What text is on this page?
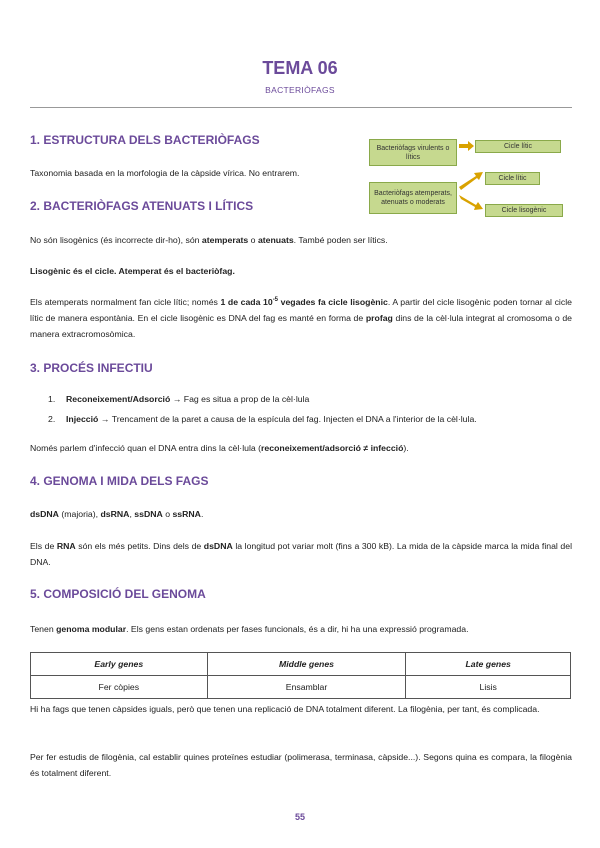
TEMA 06
BACTERIÒFAGS
1. ESTRUCTURA DELS BACTERIÒFAGS

Taxonomia basada en la morfologia de la càpside vírica. No entrarem.

Bacteriòfags virulents o lítics
Cicle lític
Bacteriòfags atemperats, atenuats o moderats
Cicle lític
Cicle lisogènic
2. BACTERIÒFAGS ATENUATS I LÍTICS

No són lisogènics (és incorrecte dir-ho), són atemperats o atenuats. També poden ser lítics.

Lisogènic és el cicle. Atemperat és el bacteriòfag.

Els atemperats normalment fan cicle lític; només 1 de cada $10^{-5}$ vegades fa cicle lisogènic. A partir del cicle lisogènic poden tornar al cicle lític de manera espontània. En el cicle lisogènic es DNA del fag es manté en forma de profag dins de la cèl·lula integrat al cromosoma o de manera extracromosòmica.

3. PROCÉS INFECTIU
1. Reconeixement/Adsorció → Fag es situa a prop de la cèl·lula
2. Injecció → Trencament de la paret a causa de la espícula del fag. Injecten el DNA a l'interior de la cèl·lula.

Només parlem d'infecció quan el DNA entra dins la cèl·lula (reconeixement/adsorció ≠ infecció).

4. GENOMA I MIDA DELS FAGS

dsDNA (majoria), dsRNA, ssDNA o ssRNA.

Els de RNA són els més petits. Dins dels de dsDNA la longitud pot variar molt (fins a 300 kB). La mida de la càpside marca la mida final del DNA.

5. COMPOSICIÓ DEL GENOMA

Tenen genoma modular. Els gens estan ordenats per fases funcionals, és a dir, hi ha una expressió programada.

Early genes	Middle genes	Late genes
Fer còpies	Ensamblar	Lisis

Hi ha fags que tenen càpsides iguals, però que tenen una replicació de DNA totalment diferent. La filogènia, per tant, és complicada.

Per fer estudis de filogènia, cal establir quines proteïnes estudiar (polimerasa, terminasa, càpside...). Segons quina es compara, la filogènia és totalment diferent.

55
